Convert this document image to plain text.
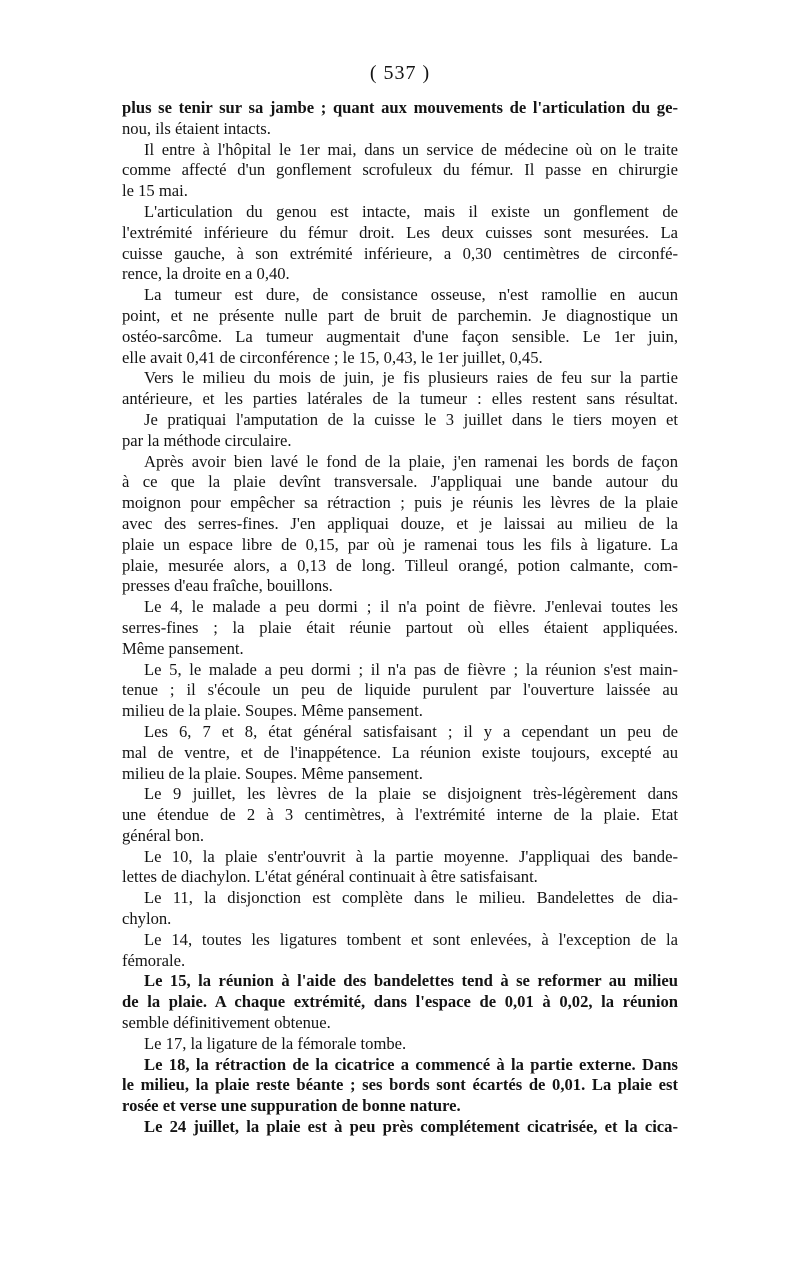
( 537 )
plus se tenir sur sa jambe ; quant aux mouvements de l'articulation du ge-
nou, ils étaient intacts.
Il entre à l'hôpital le 1er mai, dans un service de médecine où on le traite
comme affecté d'un gonflement scrofuleux du fémur. Il passe en chirurgie
le 15 mai.
L'articulation du genou est intacte, mais il existe un gonflement de
l'extrémité inférieure du fémur droit. Les deux cuisses sont mesurées. La
cuisse gauche, à son extrémité inférieure, a 0,30 centimètres de circonfé-
rence, la droite en a 0,40.
La tumeur est dure, de consistance osseuse, n'est ramollie en aucun
point, et ne présente nulle part de bruit de parchemin. Je diagnostique un
ostéo-sarcôme. La tumeur augmentait d'une façon sensible. Le 1er juin,
elle avait 0,41 de circonférence ; le 15, 0,43, le 1er juillet, 0,45.
Vers le milieu du mois de juin, je fis plusieurs raies de feu sur la partie
antérieure, et les parties latérales de la tumeur : elles restent sans résultat.
Je pratiquai l'amputation de la cuisse le 3 juillet dans le tiers moyen et
par la méthode circulaire.
Après avoir bien lavé le fond de la plaie, j'en ramenai les bords de façon
à ce que la plaie devînt transversale. J'appliquai une bande autour du
moignon pour empêcher sa rétraction ; puis je réunis les lèvres de la plaie
avec des serres-fines. J'en appliquai douze, et je laissai au milieu de la
plaie un espace libre de 0,15, par où je ramenai tous les fils à ligature. La
plaie, mesurée alors, a 0,13 de long. Tilleul orangé, potion calmante, com-
presses d'eau fraîche, bouillons.
Le 4, le malade a peu dormi ; il n'a point de fièvre. J'enlevai toutes les
serres-fines ; la plaie était réunie partout où elles étaient appliquées.
Même pansement.
Le 5, le malade a peu dormi ; il n'a pas de fièvre ; la réunion s'est main-
tenue ; il s'écoule un peu de liquide purulent par l'ouverture laissée au
milieu de la plaie. Soupes. Même pansement.
Les 6, 7 et 8, état général satisfaisant ; il y a cependant un peu de
mal de ventre, et de l'inappétence. La réunion existe toujours, excepté au
milieu de la plaie. Soupes. Même pansement.
Le 9 juillet, les lèvres de la plaie se disjoignent très-légèrement dans
une étendue de 2 à 3 centimètres, à l'extrémité interne de la plaie. Etat
général bon.
Le 10, la plaie s'entr'ouvrit à la partie moyenne. J'appliquai des bande-
lettes de diachylon. L'état général continuait à être satisfaisant.
Le 11, la disjonction est complète dans le milieu. Bandelettes de dia-
chylon.
Le 14, toutes les ligatures tombent et sont enlevées, à l'exception de la
fémorale.
Le 15, la réunion à l'aide des bandelettes tend à se reformer au milieu
de la plaie. A chaque extrémité, dans l'espace de 0,01 à 0,02, la réunion
semble définitivement obtenue.
Le 17, la ligature de la fémorale tombe.
Le 18, la rétraction de la cicatrice a commencé à la partie externe. Dans
le milieu, la plaie reste béante ; ses bords sont écartés de 0,01. La plaie est
rosée et verse une suppuration de bonne nature.
Le 24 juillet, la plaie est à peu près complétement cicatrisée, et la cica-
